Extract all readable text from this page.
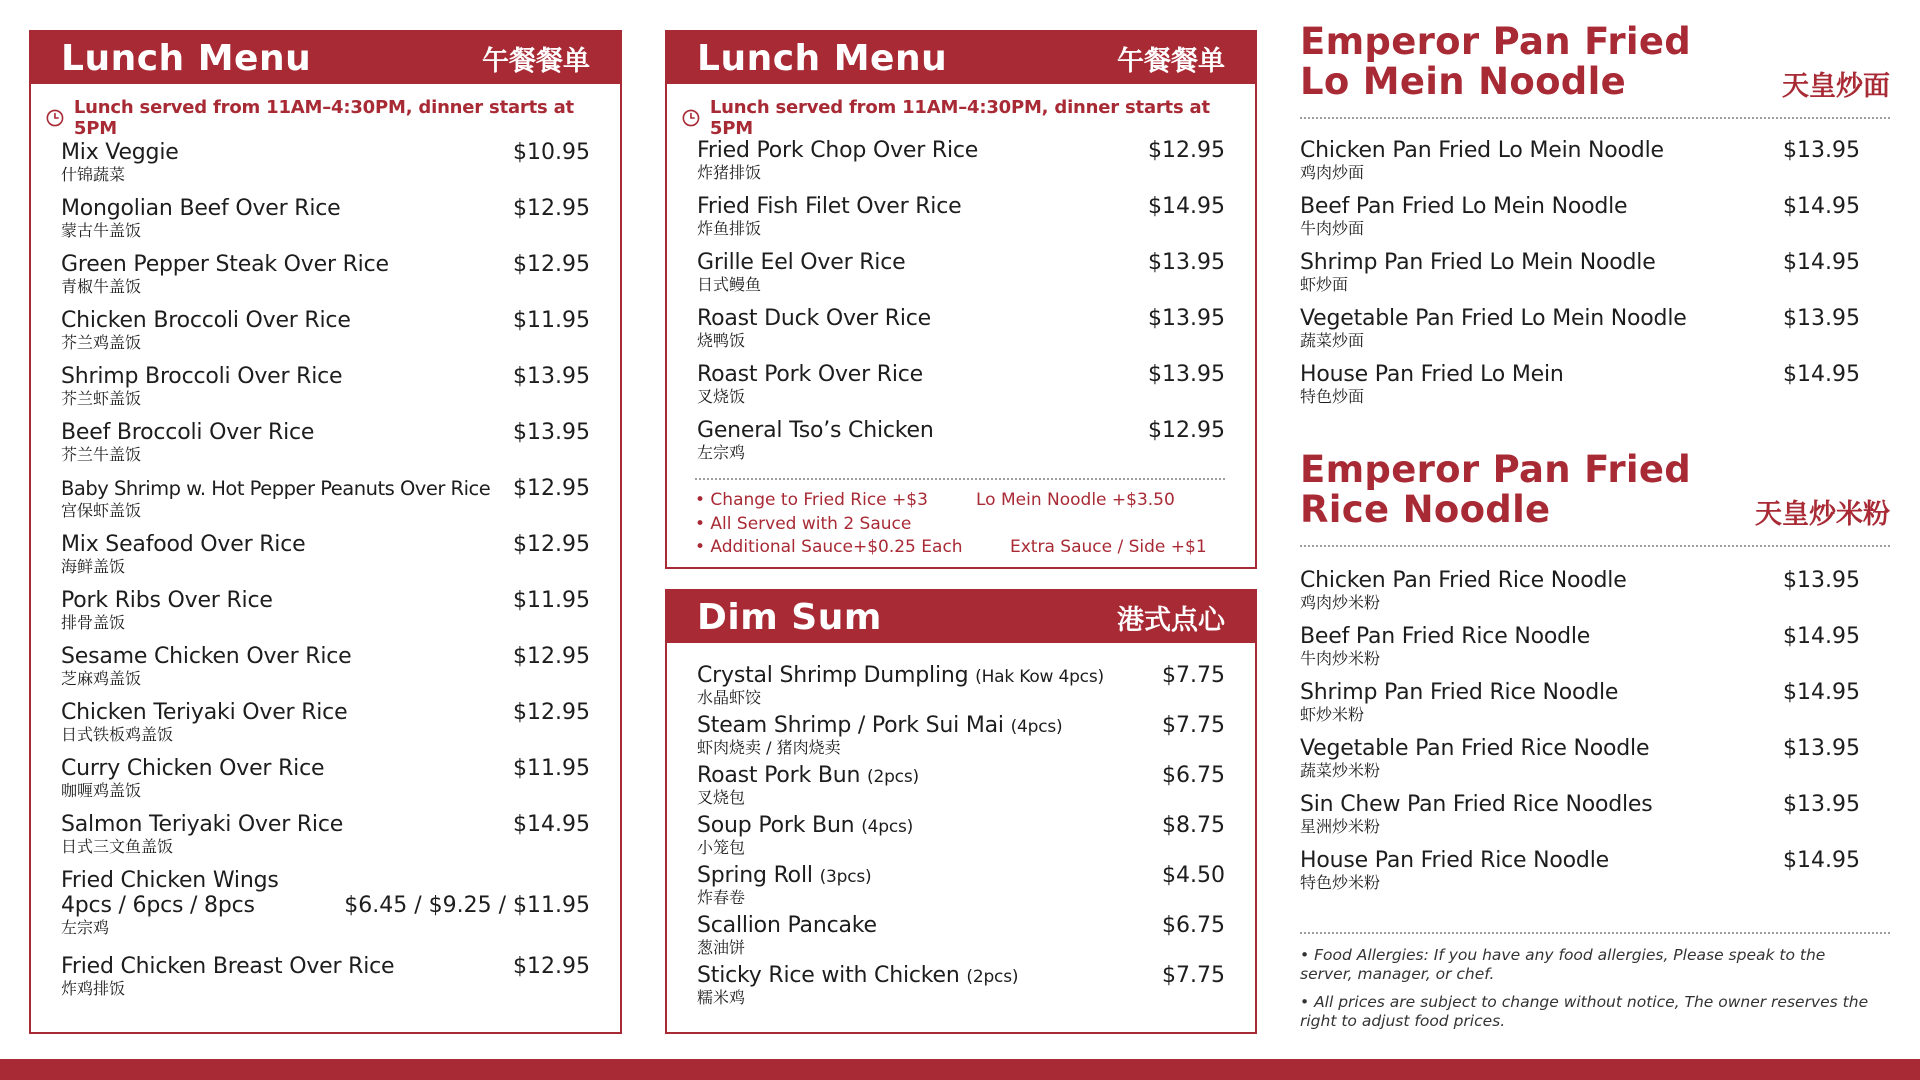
Lunch Menu	午餐餐单
Lunch served from 11AM–4:30PM, dinner starts at 5PM
Mix Veggie	$10.95
什锦蔬菜
Mongolian Beef Over Rice	$12.95
蒙古牛盖饭
Green Pepper Steak Over Rice	$12.95
青椒牛盖饭
Chicken Broccoli Over Rice	$11.95
芥兰鸡盖饭
Shrimp Broccoli Over Rice	$13.95
芥兰虾盖饭
Beef Broccoli Over Rice	$13.95
芥兰牛盖饭
Baby Shrimp w. Hot Pepper Peanuts Over Rice $12.95
宫保虾盖饭
Mix Seafood Over Rice	$12.95
海鲜盖饭
Pork Ribs Over Rice	$11.95
排骨盖饭
Sesame Chicken Over Rice	$12.95
芝麻鸡盖饭
Chicken Teriyaki Over Rice	$12.95
日式铁板鸡盖饭
Curry Chicken Over Rice	$11.95
咖喱鸡盖饭
Salmon Teriyaki Over Rice	$14.95
日式三文鱼盖饭
Fried Chicken Wings
4pcs / 6pcs / 8pcs	$6.45 / $9.25 / $11.95
左宗鸡
Fried Chicken Breast Over Rice	$12.95
炸鸡排饭
Lunch Menu	午餐餐单
Lunch served from 11AM–4:30PM, dinner starts at 5PM
Fried Pork Chop Over Rice	$12.95
炸猪排饭
Fried Fish Filet Over Rice	$14.95
炸鱼排饭
Grille Eel Over Rice	$13.95
日式鳗鱼
Roast Duck Over Rice	$13.95
烧鸭饭
Roast Pork Over Rice	$13.95
叉烧饭
General Tso’s Chicken	$12.95
左宗鸡
• Change to Fried Rice +$3	Lo Mein Noodle +$3.50
• All Served with 2 Sauce
• Additional Sauce+$0.25 Each	Extra Sauce / Side +$1
Dim Sum	港式点心
Crystal Shrimp Dumpling (Hak Kow 4pcs)	$7.75
水晶虾饺
Steam Shrimp / Pork Sui Mai (4pcs)	$7.75
虾肉烧卖 / 猪肉烧卖
Roast Pork Bun (2pcs)	$6.75
叉烧包
Soup Pork Bun (4pcs)	$8.75
小笼包
Spring Roll (3pcs)	$4.50
炸春卷
Scallion Pancake	$6.75
葱油饼
Sticky Rice with Chicken (2pcs)	$7.75
糯米鸡
Emperor Pan Fried
Lo Mein Noodle	天皇炒面
Chicken Pan Fried Lo Mein Noodle	$13.95
鸡肉炒面
Beef Pan Fried Lo Mein Noodle	$14.95
牛肉炒面
Shrimp Pan Fried Lo Mein Noodle	$14.95
虾炒面
Vegetable Pan Fried Lo Mein Noodle	$13.95
蔬菜炒面
House Pan Fried Lo Mein	$14.95
特色炒面
Emperor Pan Fried
Rice Noodle	天皇炒米粉
Chicken Pan Fried Rice Noodle	$13.95
鸡肉炒米粉
Beef Pan Fried Rice Noodle	$14.95
牛肉炒米粉
Shrimp Pan Fried Rice Noodle	$14.95
虾炒米粉
Vegetable Pan Fried Rice Noodle	$13.95
蔬菜炒米粉
Sin Chew Pan Fried Rice Noodles	$13.95
星洲炒米粉
House Pan Fried Rice Noodle	$14.95
特色炒米粉
• Food Allergies: If you have any food allergies, Please speak to the server, manager, or chef.
• All prices are subject to change without notice, The owner reserves the right to adjust food prices.
